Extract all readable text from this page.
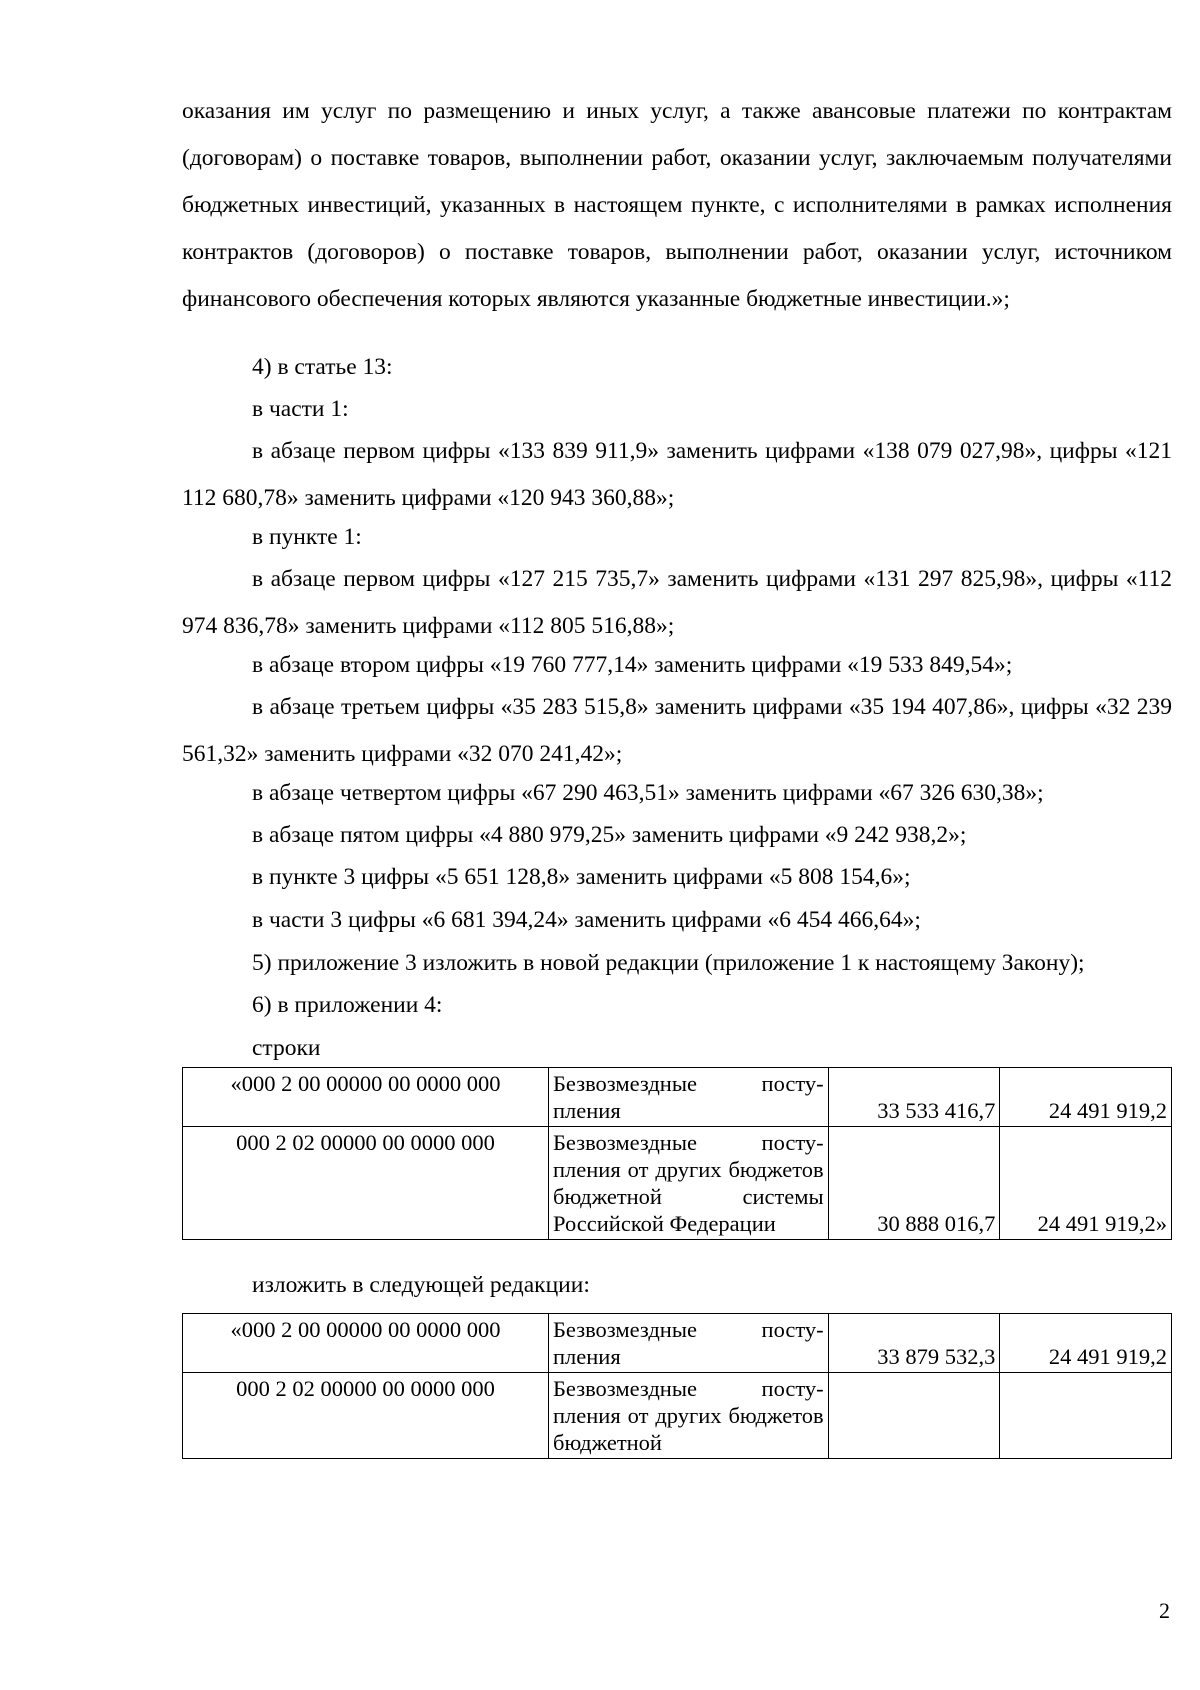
оказания им услуг по размещению и иных услуг, а также авансовые платежи по контрактам (договорам) о поставке товаров, выполнении работ, оказании услуг, заключаемым получателями бюджетных инвестиций, указанных в настоящем пункте, с исполнителями в рамках исполнения контрактов (договоров) о поставке товаров, выполнении работ, оказании услуг, источником финансового обеспечения которых являются указанные бюджетные инвестиции.»;

4) в статье 13:

в части 1:

в абзаце первом цифры «133 839 911,9» заменить цифрами «138 079 027,98», цифры «121 112 680,78» заменить цифрами «120 943 360,88»;

в пункте 1:

в абзаце первом цифры «127 215 735,7» заменить цифрами «131 297 825,98», цифры «112 974 836,78» заменить цифрами «112 805 516,88»;

в абзаце втором цифры «19 760 777,14» заменить цифрами «19 533 849,54»;

в абзаце третьем цифры «35 283 515,8» заменить цифрами «35 194 407,86», цифры «32 239 561,32» заменить цифрами «32 070 241,42»;

в абзаце четвертом цифры «67 290 463,51» заменить цифрами «67 326 630,38»;

в абзаце пятом цифры «4 880 979,25» заменить цифрами «9 242 938,2»;

в пункте 3 цифры «5 651 128,8» заменить цифрами «5 808 154,6»;

в части 3 цифры «6 681 394,24» заменить цифрами «6 454 466,64»;

5) приложение 3 изложить в новой редакции (приложение 1 к настоящему Закону);

6) в приложении 4:

строки

«000 2 00 00000 00 0000 000	Безвозмездные посту-пления	33 533 416,7	24 491 919,2
000 2 02 00000 00 0000 000	Безвозмездные посту-пления от других бюджетов бюджетной системы Российской Федерации	30 888 016,7	24 491 919,2»

изложить в следующей редакции:

«000 2 00 00000 00 0000 000	Безвозмездные посту-пления	33 879 532,3	24 491 919,2
000 2 02 00000 00 0000 000	Безвозмездные посту-пления от других бюджетов бюджетной		
2
